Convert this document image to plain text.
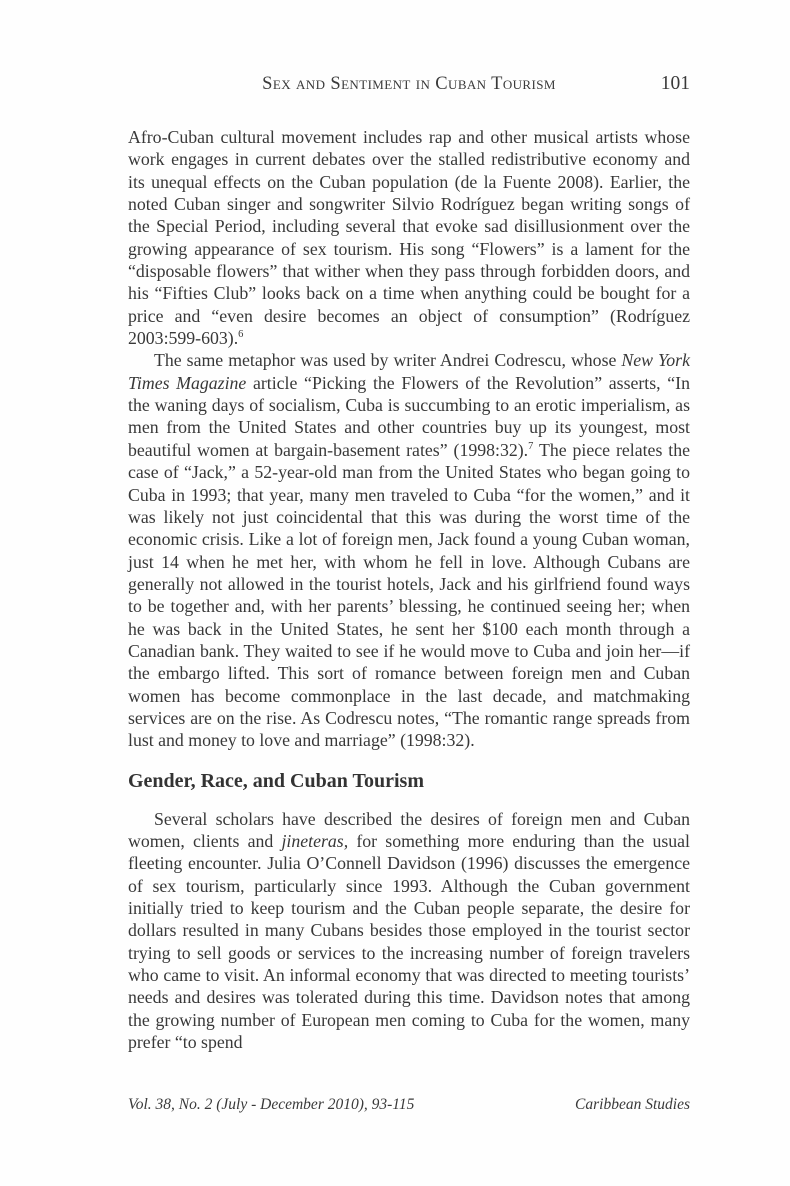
Sex and Sentiment in Cuban Tourism	101

Afro-Cuban cultural movement includes rap and other musical artists whose work engages in current debates over the stalled redistributive economy and its unequal effects on the Cuban population (de la Fuente 2008). Earlier, the noted Cuban singer and songwriter Silvio Rodríguez began writing songs of the Special Period, including several that evoke sad disillusionment over the growing appearance of sex tourism. His song “Flowers” is a lament for the “disposable flowers” that wither when they pass through forbidden doors, and his “Fifties Club” looks back on a time when anything could be bought for a price and “even desire becomes an object of consumption” (Rodríguez 2003:599-603).$^6$

The same metaphor was used by writer Andrei Codrescu, whose New York Times Magazine article “Picking the Flowers of the Revolution” asserts, “In the waning days of socialism, Cuba is succumbing to an erotic imperialism, as men from the United States and other countries buy up its youngest, most beautiful women at bargain-basement rates” (1998:32).$^7$ The piece relates the case of “Jack,” a 52-year-old man from the United States who began going to Cuba in 1993; that year, many men traveled to Cuba “for the women,” and it was likely not just coincidental that this was during the worst time of the economic crisis. Like a lot of foreign men, Jack found a young Cuban woman, just 14 when he met her, with whom he fell in love. Although Cubans are generally not allowed in the tourist hotels, Jack and his girlfriend found ways to be together and, with her parents’ blessing, he continued seeing her; when he was back in the United States, he sent her $100 each month through a Canadian bank. They waited to see if he would move to Cuba and join her—if the embargo lifted. This sort of romance between foreign men and Cuban women has become commonplace in the last decade, and matchmaking services are on the rise. As Codrescu notes, “The romantic range spreads from lust and money to love and marriage” (1998:32).

Gender, Race, and Cuban Tourism

Several scholars have described the desires of foreign men and Cuban women, clients and jineteras, for something more enduring than the usual fleeting encounter. Julia O’Connell Davidson (1996) discusses the emergence of sex tourism, particularly since 1993. Although the Cuban government initially tried to keep tourism and the Cuban people separate, the desire for dollars resulted in many Cubans besides those employed in the tourist sector trying to sell goods or services to the increasing number of foreign travelers who came to visit. An informal economy that was directed to meeting tourists’ needs and desires was tolerated during this time. Davidson notes that among the growing number of European men coming to Cuba for the women, many prefer “to spend

Vol. 38, No. 2 (July - December 2010), 93-115	Caribbean Studies
